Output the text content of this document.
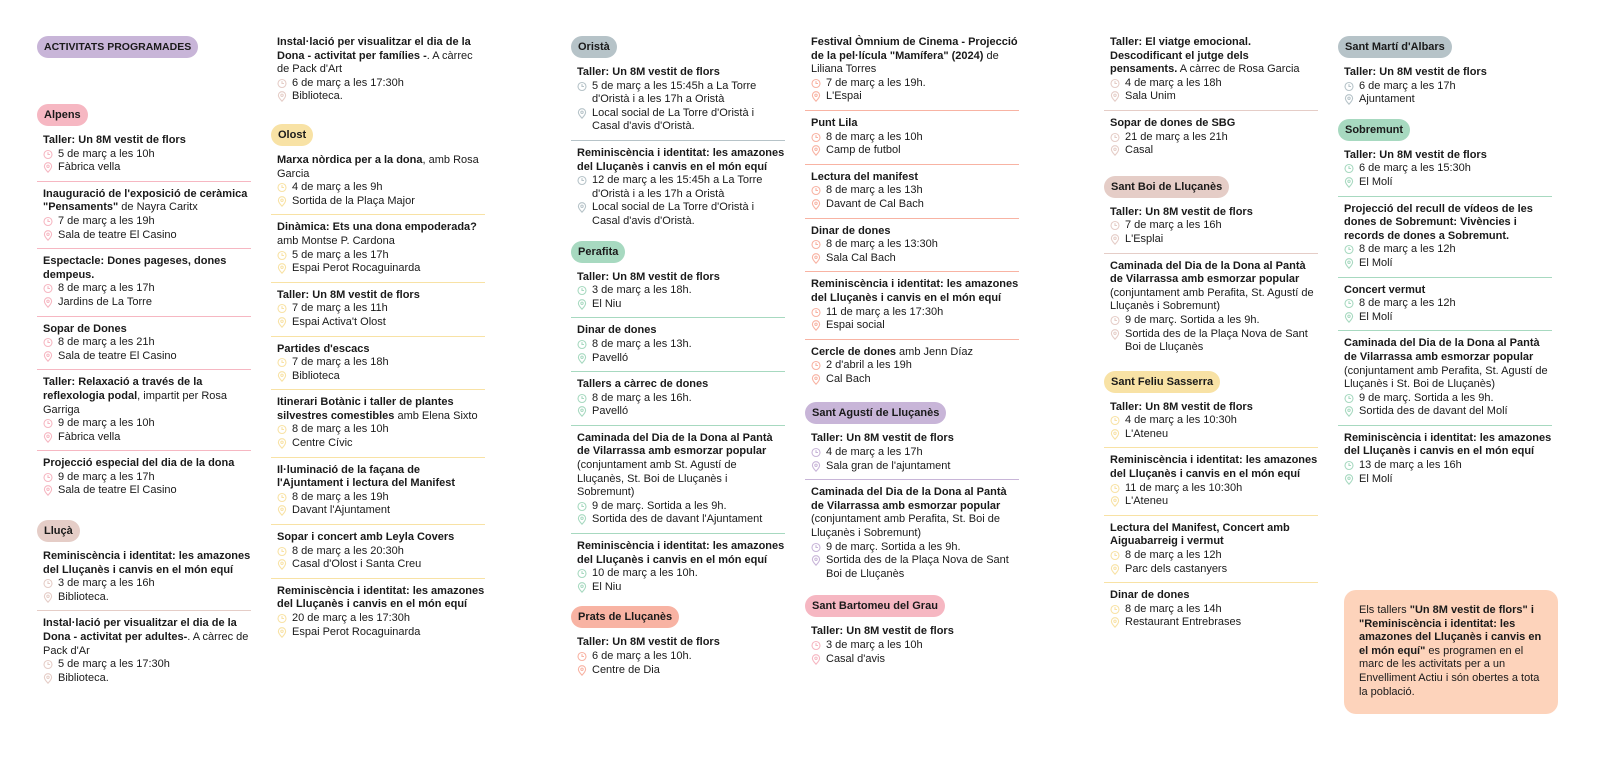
ACTIVITATS PROGRAMADES
Alpens
Taller: Un 8M vestit de flors
5 de març a les 10h
Fàbrica vella
Inauguració de l'exposició de ceràmica "Pensaments" de Nayra Caritx
7 de març a les 19h
Sala de teatre El Casino
Espectacle: Dones pageses, dones dempeus.
8 de març a les 17h
Jardins de La Torre
Sopar de Dones
8 de març a les 21h
Sala de teatre El Casino
Taller: Relaxació a través de la reflexologia podal, impartit per Rosa Garriga
9 de març a les 10h
Fàbrica vella
Projecció especial del dia de la dona
9 de març a les 17h
Sala de teatre El Casino
Lluçà
Reminiscència i identitat: les amazones del Lluçanès i canvis en el món equí
3 de març a les 16h
Biblioteca.
Instal·lació per visualitzar el dia de la Dona - activitat per adultes-. A càrrec de Pack d'Ar
5 de març a les 17:30h
Biblioteca.
Instal·lació per visualitzar el dia de la Dona - activitat per famílies -. A càrrec de Pack d'Art
6 de març a les 17:30h
Biblioteca.
Olost
Marxa nòrdica per a la dona, amb Rosa Garcia
4 de març a les 9h
Sortida de la Plaça Major
Dinàmica: Ets una dona empoderada? amb Montse P. Cardona
5 de març a les 17h
Espai Perot Rocaguinarda
Taller: Un 8M vestit de flors
7 de març a les 11h
Espai Activa't Olost
Partides d'escacs
7 de març a les 18h
Biblioteca
Itinerari Botànic i taller de plantes silvestres comestibles amb Elena Sixto
8 de març a les 10h
Centre Cívic
Il·luminació de la façana de l'Ajuntament i lectura del Manifest
8 de març a les 19h
Davant l'Ajuntament
Sopar i concert amb Leyla Covers
8 de març a les 20:30h
Casal d'Olost i Santa Creu
Reminiscència i identitat: les amazones del Lluçanès i canvis en el món equí
20 de març a les 17:30h
Espai Perot Rocaguinarda
Oristà
Taller: Un 8M vestit de flors
5 de març a les 15:45h a La Torre d'Oristà i a les 17h a Oristà
Local social de La Torre d'Oristà i Casal d'avis d'Oristà.
Reminiscència i identitat: les amazones del Lluçanès i canvis en el món equí
12 de març a les 15:45h a La Torre d'Oristà i a les 17h a Oristà
Local social de La Torre d'Oristà i Casal d'avis d'Oristà.
Perafita
Taller: Un 8M vestit de flors
3 de març a les 18h.
El Niu
Dinar de dones
8 de març a les 13h.
Pavelló
Tallers a càrrec de dones
8 de març a les 16h.
Pavelló
Caminada del Dia de la Dona al Pantà de Vilarrassa amb esmorzar popular (conjuntament amb St. Agustí de Lluçanès, St. Boi de Lluçanès i Sobremunt)
9 de març. Sortida a les 9h.
Sortida des de davant l'Ajuntament
Reminiscència i identitat: les amazones del Lluçanès i canvis en el món equí
10 de març a les 10h.
El Niu
Prats de Lluçanès
Taller: Un 8M vestit de flors
6 de març a les 10h.
Centre de Dia
Festival Òmnium de Cinema - Projecció de la pel·lícula "Mamífera" (2024) de Liliana Torres
7 de març a les 19h.
L'Espai
Punt Lila
8 de març a les 10h
Camp de futbol
Lectura del manifest
8 de març a les 13h
Davant de Cal Bach
Dinar de dones
8 de març a les 13:30h
Sala Cal Bach
Reminiscència i identitat: les amazones del Lluçanès i canvis en el món equí
11 de març a les 17:30h
Espai social
Cercle de dones amb Jenn Díaz
2 d'abril a les 19h
Cal Bach
Sant Agustí de Lluçanès
Taller: Un 8M vestit de flors
4 de març a les 17h
Sala gran de l'ajuntament
Caminada del Dia de la Dona al Pantà de Vilarrassa amb esmorzar popular (conjuntament amb Perafita, St. Boi de Lluçanès i Sobremunt)
9 de març. Sortida a les 9h.
Sortida des de la Plaça Nova de Sant Boi de Lluçanès
Sant Bartomeu del Grau
Taller: Un 8M vestit de flors
3 de març a les 10h
Casal d'avis
Taller: El viatge emocional. Descodificant el jutge dels pensaments. A càrrec de Rosa Garcia
4 de març a les 18h
Sala Unim
Sopar de dones de SBG
21 de març a les 21h
Casal
Sant Boi de Lluçanès
Taller: Un 8M vestit de flors
7 de març a les 16h
L'Esplai
Caminada del Dia de la Dona al Pantà de Vilarrassa amb esmorzar popular (conjuntament amb Perafita, St. Agustí de Lluçanès i Sobremunt)
9 de març. Sortida a les 9h.
Sortida des de la Plaça Nova de Sant Boi de Lluçanès
Sant Feliu Sasserra
Taller: Un 8M vestit de flors
4 de març a les 10:30h
L'Ateneu
Reminiscència i identitat: les amazones del Lluçanès i canvis en el món equí
11 de març a les 10:30h
L'Ateneu
Lectura del Manifest, Concert amb Aiguabarreig i vermut
8 de març a les 12h
Parc dels castanyers
Dinar de dones
8 de març a les 14h
Restaurant Entrebrases
Sant Martí d'Albars
Taller: Un 8M vestit de flors
6 de març a les 17h
Ajuntament
Sobremunt
Taller: Un 8M vestit de flors
6 de març a les 15:30h
El Molí
Projecció del recull de vídeos de les dones de Sobremunt: Vivències i records de dones a Sobremunt.
8 de març a les 12h
El Molí
Concert vermut
8 de març a les 12h
El Molí
Caminada del Dia de la Dona al Pantà de Vilarrassa amb esmorzar popular (conjuntament amb Perafita, St. Agustí de Lluçanès i St. Boi de Lluçanès)
9 de març. Sortida a les 9h.
Sortida des de davant del Molí
Reminiscència i identitat: les amazones del Lluçanès i canvis en el món equí
13 de març a les 16h
El Molí
Els tallers "Un 8M vestit de flors" i "Reminiscència i identitat: les amazones del Lluçanès i canvis en el món equí" es programen en el marc de les activitats per a un Envelliment Actiu i són obertes a tota la població.
